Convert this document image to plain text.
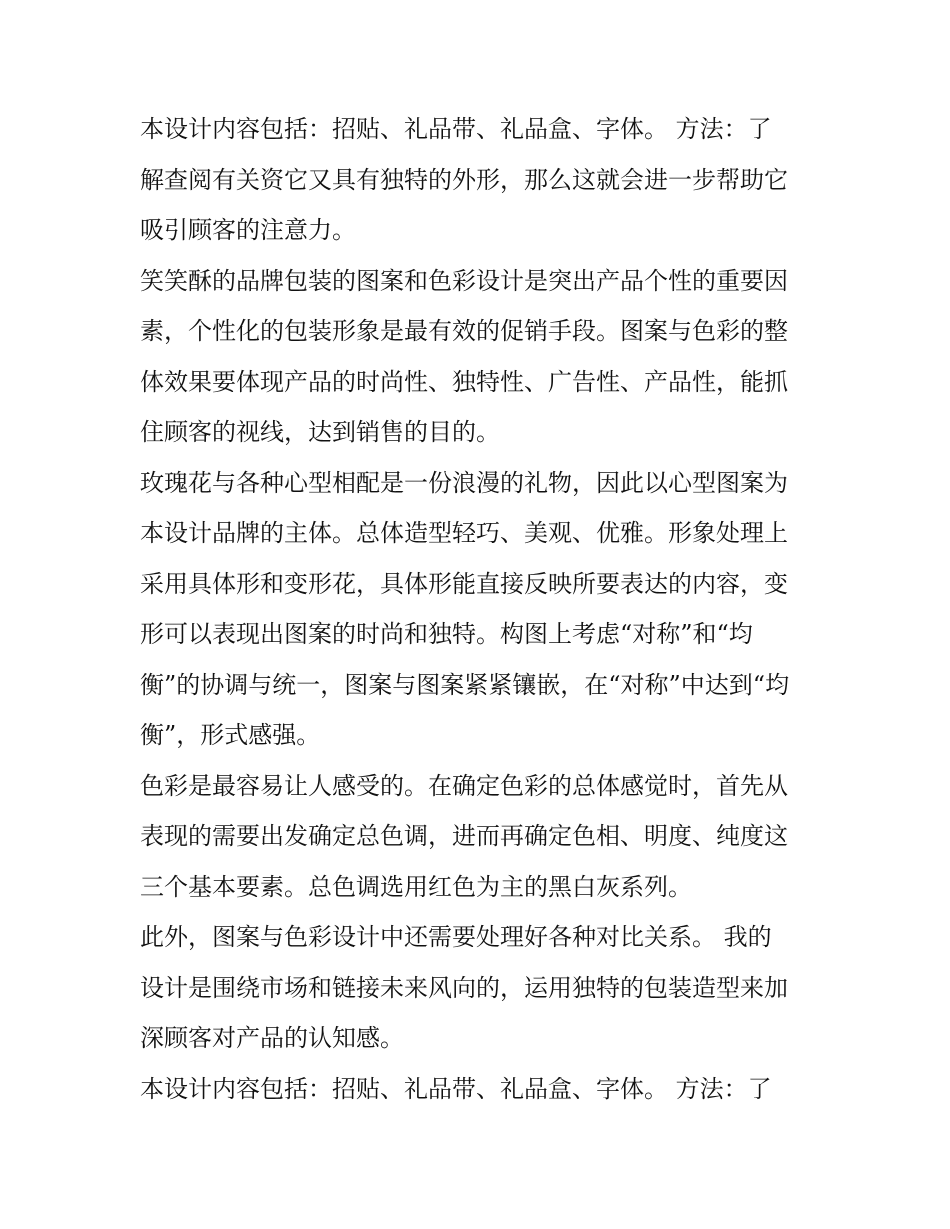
本设计内容包括：招贴、礼品带、礼品盒、字体。 方法：了
解查阅有关资它又具有独特的外形，那么这就会进一步帮助它
吸引顾客的注意力。
笑笑酥的品牌包装的图案和色彩设计是突出产品个性的重要因
素，个性化的包装形象是最有效的促销手段。图案与色彩的整
体效果要体现产品的时尚性、独特性、广告性、产品性，能抓
住顾客的视线，达到销售的目的。
玫瑰花与各种心型相配是一份浪漫的礼物，因此以心型图案为
本设计品牌的主体。总体造型轻巧、美观、优雅。形象处理上
采用具体形和变形花，具体形能直接反映所要表达的内容，变
形可以表现出图案的时尚和独特。构图上考虑“对称”和“均
衡”的协调与统一，图案与图案紧紧镶嵌，在“对称”中达到“均
衡”，形式感强。
色彩是最容易让人感受的。在确定色彩的总体感觉时，首先从
表现的需要出发确定总色调，进而再确定色相、明度、纯度这
三个基本要素。总色调选用红色为主的黑白灰系列。
此外，图案与色彩设计中还需要处理好各种对比关系。 我的
设计是围绕市场和链接未来风向的，运用独特的包装造型来加
深顾客对产品的认知感。
本设计内容包括：招贴、礼品带、礼品盒、字体。 方法：了
